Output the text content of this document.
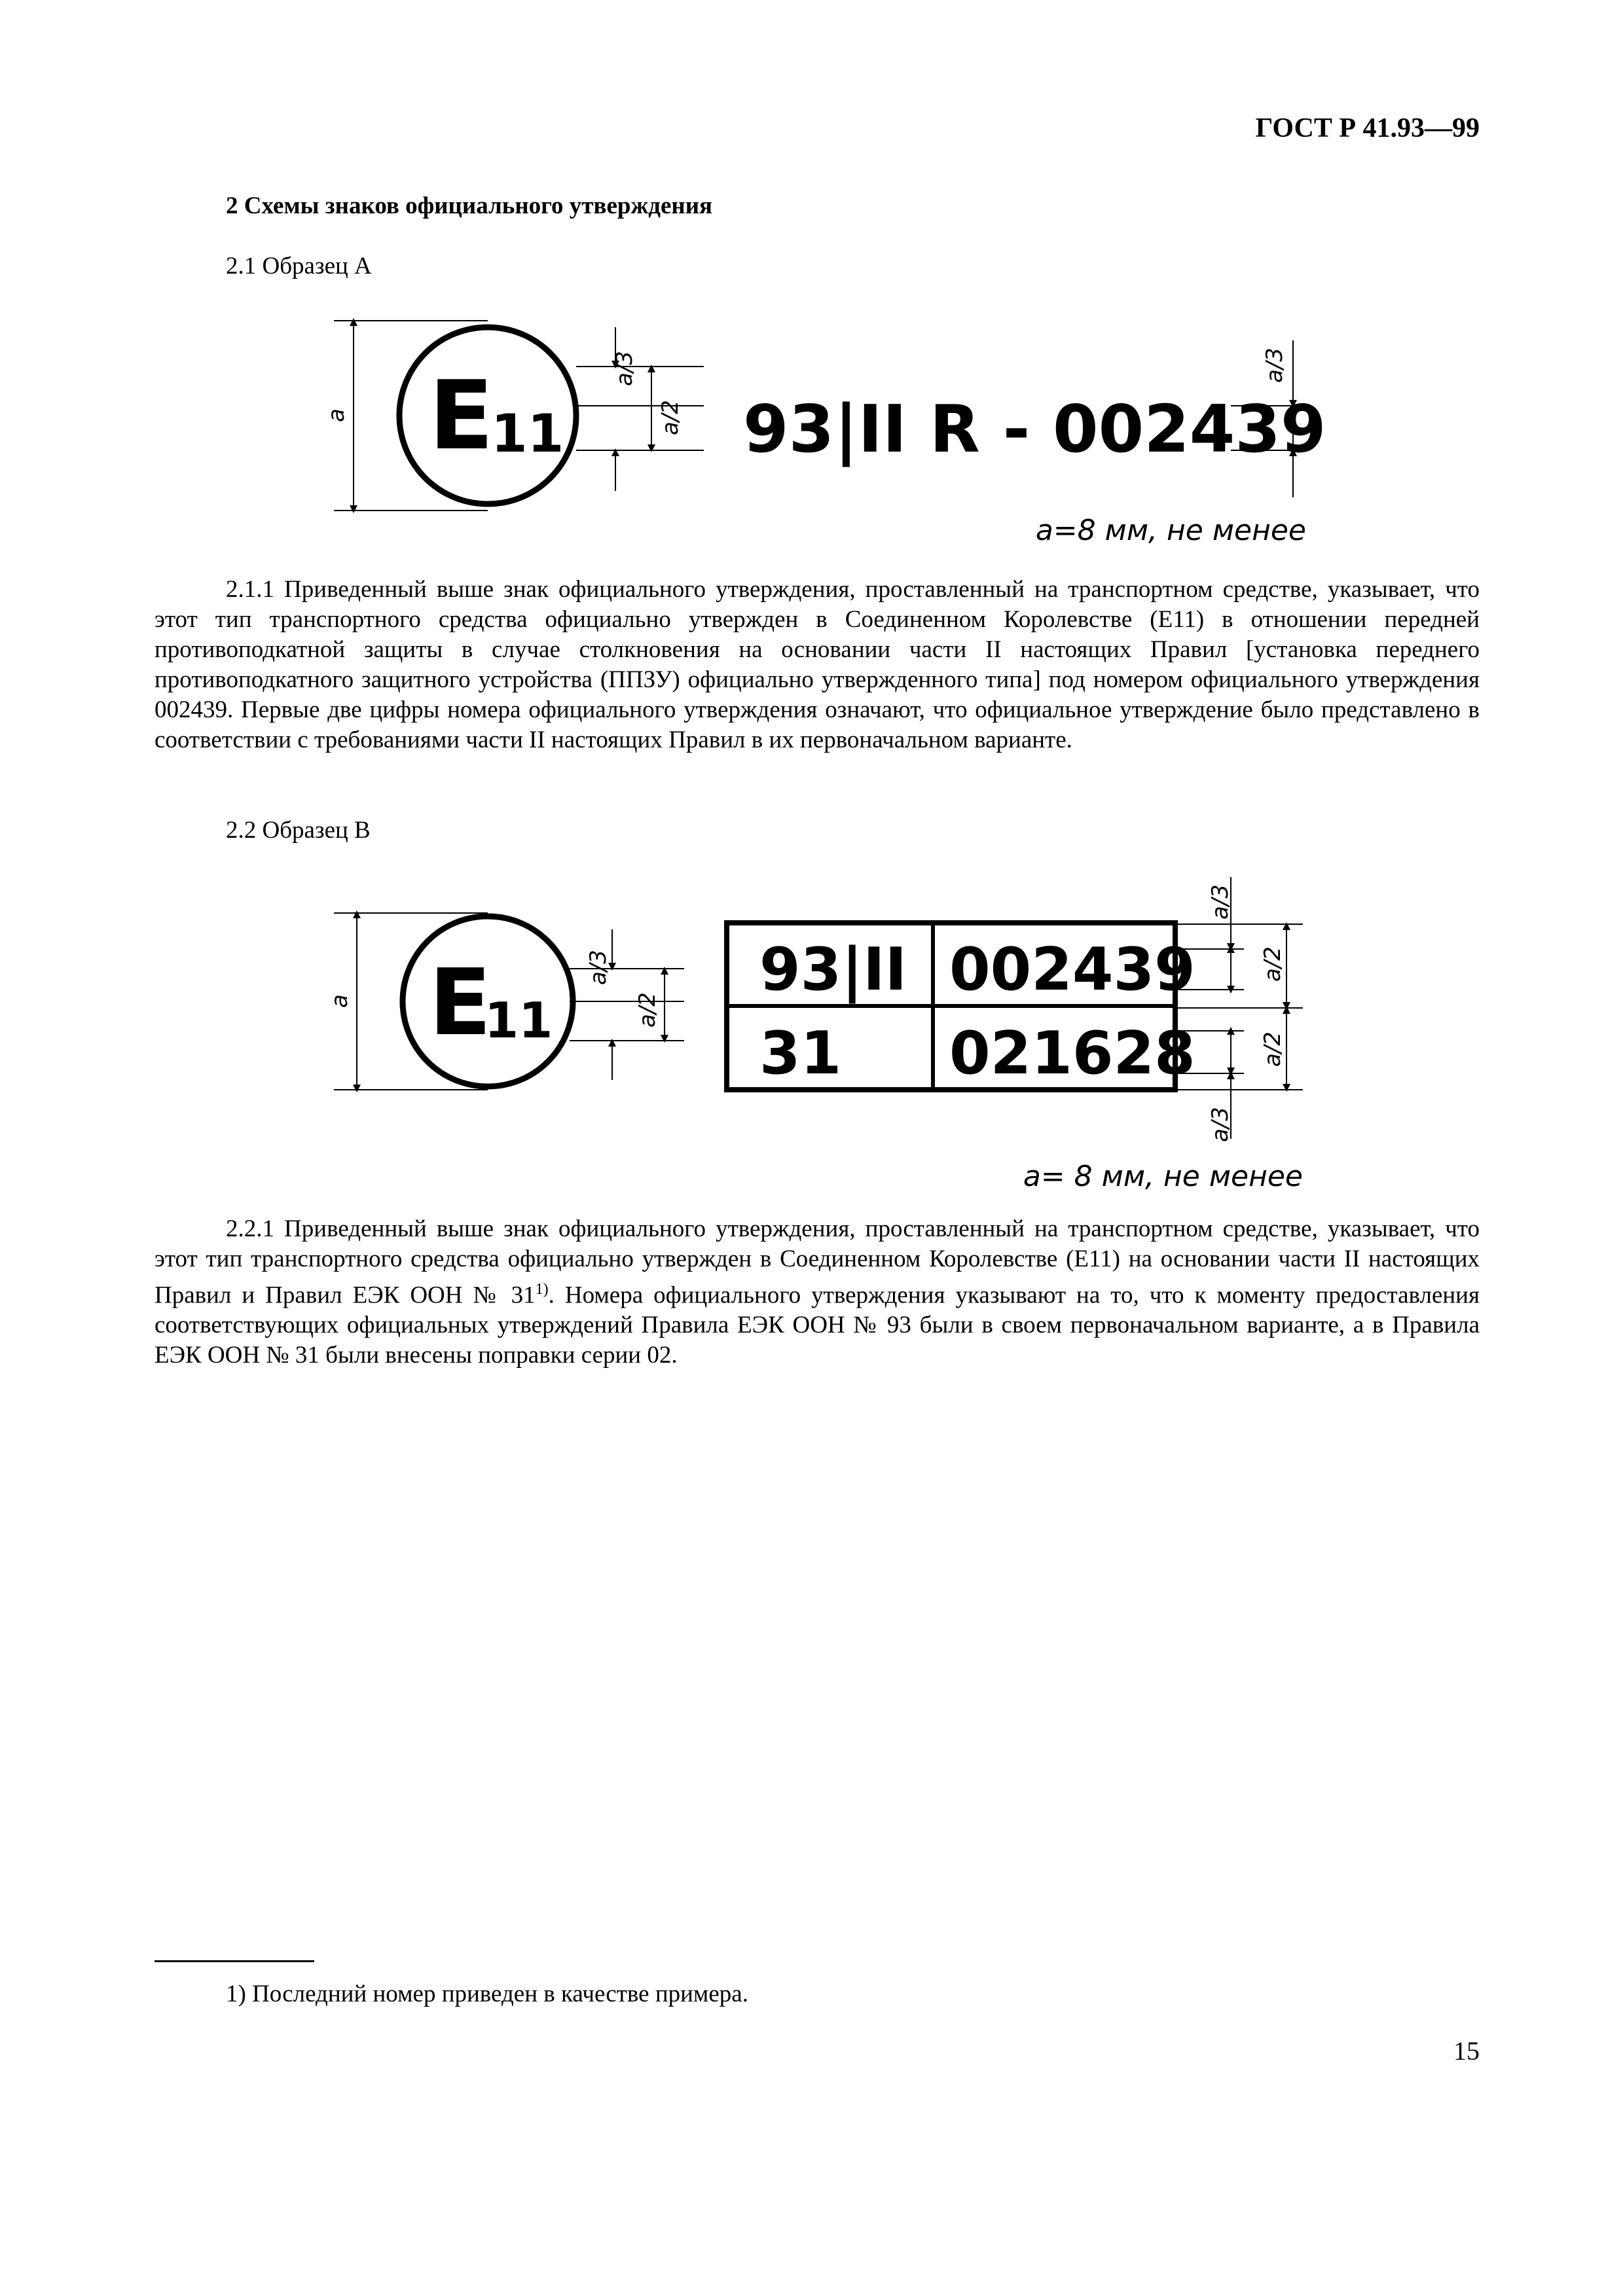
ГОСТ Р 41.93—99
2 Схемы знаков официального утверждения
2.1 Образец A
E
11
a
a/3
a/2 93|II R - 002439
a/3
a=8 мм, не менее

2.1.1 Приведенный выше знак официального утверждения, проставленный на транспортном средстве, указывает, что этот тип транспортного средства официально утвержден в Соединенном Королевстве (E11) в отношении передней противоподкатной защиты в случае столкновения на основании части II настоящих Правил [установка переднего противоподкатного защитного устройства (ППЗУ) официально утвержденного типа] под номером официального утверждения 002439. Первые две цифры номера официального утверждения означают, что официальное утверждение было представлено в соответствии с требованиями части II настоящих Правил в их первоначальном варианте.

2.2 Образец B
E
11
a
a/3
a/2
93|II 002439
31 021628
a/3
a/3
a/2
a/2
a= 8 мм, не менее

2.2.1 Приведенный выше знак официального утверждения, проставленный на транспортном средстве, указывает, что этот тип транспортного средства официально утвержден в Соединенном Королевстве (E11) на основании части II настоящих Правил и Правил ЕЭК ООН № 31$^{1)}$. Номера официального утверждения указывают на то, что к моменту предоставления соответствующих официальных утверждений Правила ЕЭК ООН № 93 были в своем первоначальном варианте, а в Правила ЕЭК ООН № 31 были внесены поправки серии 02.

1) Последний номер приведен в качестве примера.
15
